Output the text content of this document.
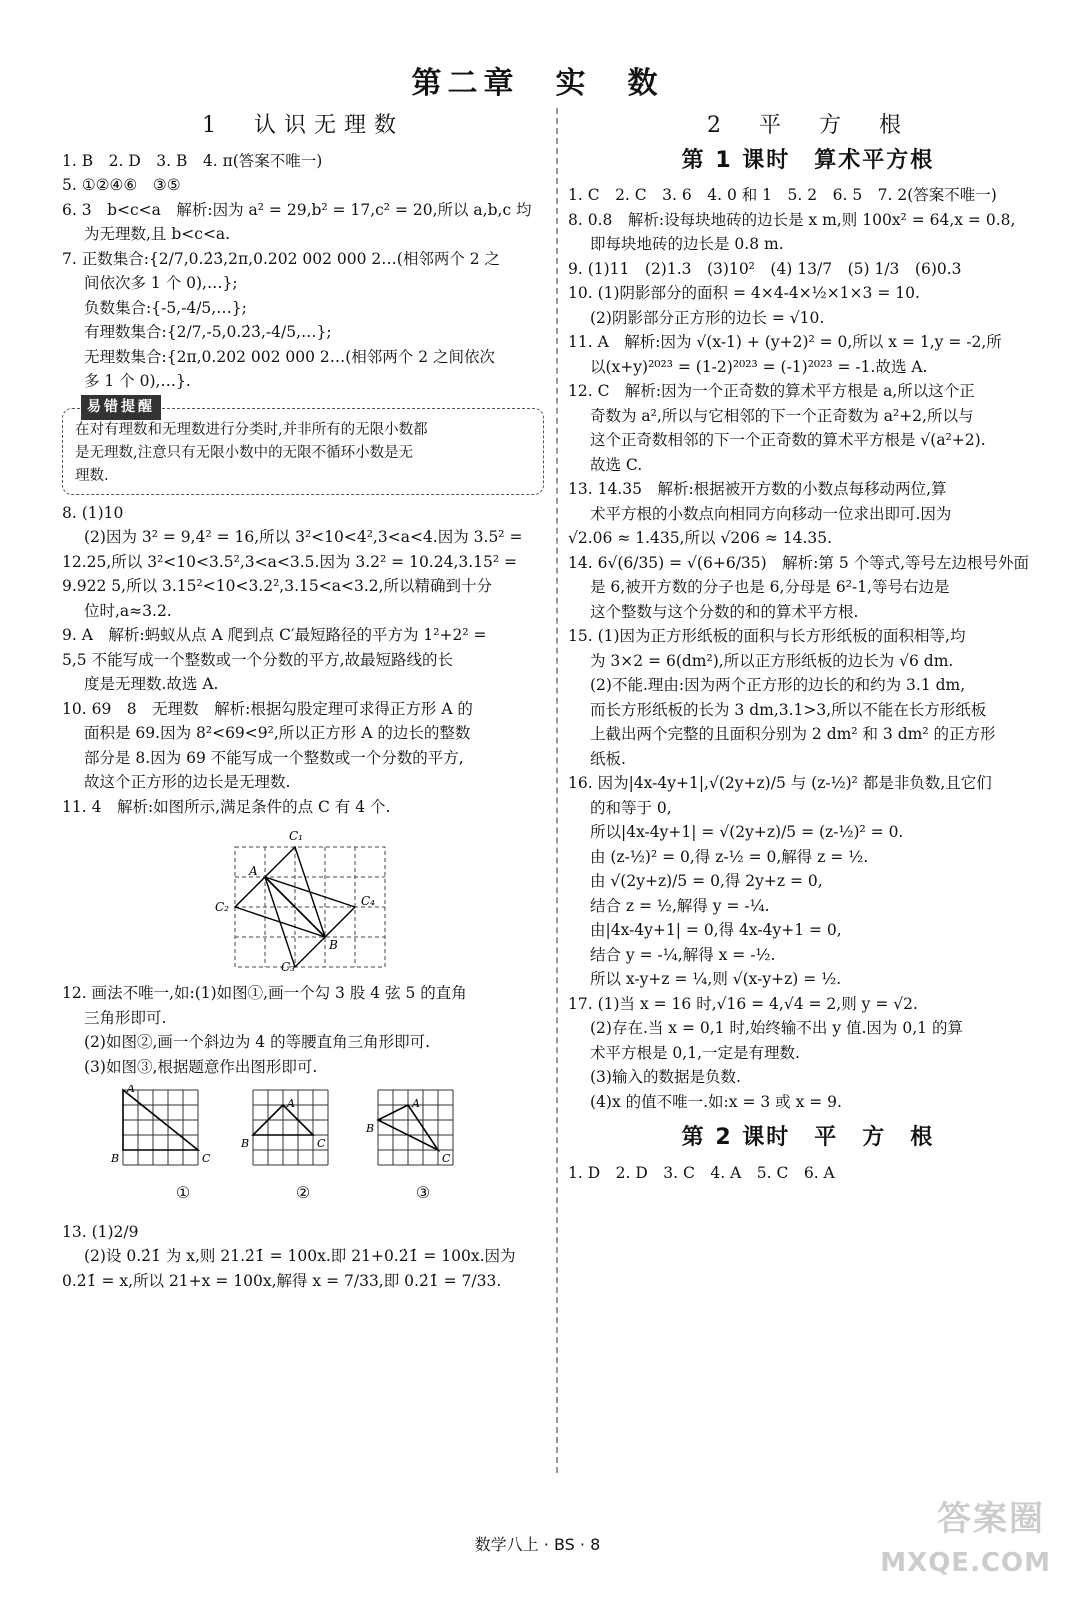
第二章　实　数
1　认识无理数
1. B　2. D　3. B　4. π(答案不唯一)
5. ①②④⑥　③⑤
6. 3　b<c<a　解析:因为 a² = 29,b² = 17,c² = 20,所以 a,b,c 均
为无理数,且 b<c<a.
7. 正数集合:{2/7,0.2̇3̇,2π,0.202 002 000 2…(相邻两个 2 之
间依次多 1 个 0),…};
负数集合:{-5,-4/5,…};
有理数集合:{2/7,-5,0.2̇3̇,-4/5,…};
无理数集合:{2π,0.202 002 000 2…(相邻两个 2 之间依次
多 1 个 0),…}.
易错提醒
在对有理数和无理数进行分类时,并非所有的无限小数都
是无理数,注意只有无限小数中的无限不循环小数是无
理数.
8. (1)10
(2)因为 3² = 9,4² = 16,所以 3²<10<4²,3<a<4.因为 3.5² =
12.25,所以 3²<10<3.5²,3<a<3.5.因为 3.2² = 10.24,3.15² =
9.922 5,所以 3.15²<10<3.2²,3.15<a<3.2,所以精确到十分
位时,a≈3.2.
9. A　解析:蚂蚁从点 A 爬到点 C′最短路径的平方为 1²+2² =
5,5 不能写成一个整数或一个分数的平方,故最短路线的长
度是无理数.故选 A.
10. 69　8　无理数　解析:根据勾股定理可求得正方形 A 的
面积是 69.因为 8²<69<9²,所以正方形 A 的边长的整数
部分是 8.因为 69 不能写成一个整数或一个分数的平方,
故这个正方形的边长是无理数.
11. 4　解析:如图所示,满足条件的点 C 有 4 个.
C₁
A
C₂	C₄
B
C₃
12. 画法不唯一,如:(1)如图①,画一个勾 3 股 4 弦 5 的直角
三角形即可.
(2)如图②,画一个斜边为 4 的等腰直角三角形即可.
(3)如图③,根据题意作出图形即可.
A
B	C
A
B	C
A
B
C
①	②	③
13. (1)2/9
(2)设 0.2̇1̇ 为 x,则 21.2̇1̇ = 100x.即 21+0.2̇1̇ = 100x.因为
0.2̇1̇ = x,所以 21+x = 100x,解得 x = 7/33,即 0.2̇1̇ = 7/33.
2　平　方　根
第 1 课时　算术平方根
1. C　2. C　3. 6　4. 0 和 1　5. 2　6. 5　7. 2(答案不唯一)
8. 0.8　解析:设每块地砖的边长是 x m,则 100x² = 64,x = 0.8,
即每块地砖的边长是 0.8 m.
9. (1)11　(2)1.3　(3)10²　(4) 13/7　(5) 1/3　(6)0.3
10. (1)阴影部分的面积 = 4×4-4×½×1×3 = 10.
(2)阴影部分正方形的边长 = √10.
11. A　解析:因为 √(x-1) + (y+2)² = 0,所以 x = 1,y = -2,所
以(x+y)²⁰²³ = (1-2)²⁰²³ = (-1)²⁰²³ = -1.故选 A.
12. C　解析:因为一个正奇数的算术平方根是 a,所以这个正
奇数为 a²,所以与它相邻的下一个正奇数为 a²+2,所以与
这个正奇数相邻的下一个正奇数的算术平方根是 √(a²+2).
故选 C.
13. 14.35　解析:根据被开方数的小数点每移动两位,算
术平方根的小数点向相同方向移动一位求出即可.因为
√2.06 ≈ 1.435,所以 √206 ≈ 14.35.
14. 6√(6/35) = √(6+6/35)　解析:第 5 个等式,等号左边根号外面
是 6,被开方数的分子也是 6,分母是 6²-1,等号右边是
这个整数与这个分数的和的算术平方根.
15. (1)因为正方形纸板的面积与长方形纸板的面积相等,均
为 3×2 = 6(dm²),所以正方形纸板的边长为 √6 dm.
(2)不能.理由:因为两个正方形的边长的和约为 3.1 dm,
而长方形纸板的长为 3 dm,3.1>3,所以不能在长方形纸板
上截出两个完整的且面积分别为 2 dm² 和 3 dm² 的正方形
纸板.
16. 因为|4x-4y+1|,√(2y+z)/5 与 (z-½)² 都是非负数,且它们
的和等于 0,
所以|4x-4y+1| = √(2y+z)/5 = (z-½)² = 0.
由 (z-½)² = 0,得 z-½ = 0,解得 z = ½.
由 √(2y+z)/5 = 0,得 2y+z = 0,
结合 z = ½,解得 y = -¼.
由|4x-4y+1| = 0,得 4x-4y+1 = 0,
结合 y = -¼,解得 x = -½.
所以 x-y+z = ¼,则 √(x-y+z) = ½.
17. (1)当 x = 16 时,√16 = 4,√4 = 2,则 y = √2.
(2)存在.当 x = 0,1 时,始终输不出 y 值.因为 0,1 的算
术平方根是 0,1,一定是有理数.
(3)输入的数据是负数.
(4)x 的值不唯一.如:x = 3 或 x = 9.
第 2 课时　平　方　根
1. D　2. D　3. C　4. A　5. C　6. A
数学八上 · BS · 8
答案圈
MXQE.COM
